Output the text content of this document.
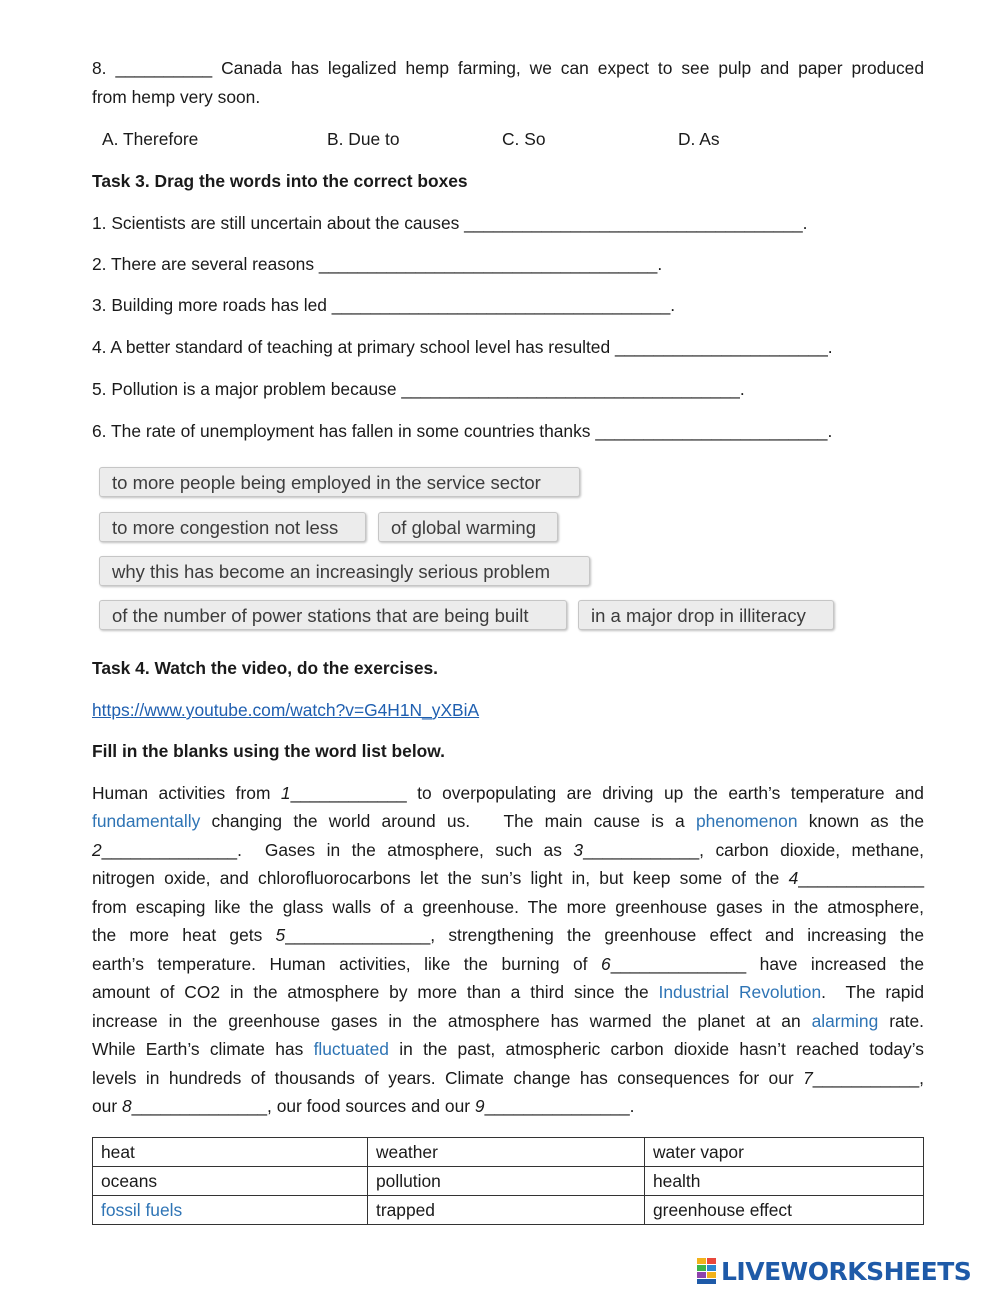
8. __________ Canada has legalized hemp farming, we can expect to see pulp and paper produced
from hemp very soon.
A. Therefore	B. Due to	C. So	D. As
Task 3. Drag the words into the correct boxes
1. Scientists are still uncertain about the causes ___________________________________.
2. There are several reasons ___________________________________.
3. Building more roads has led ___________________________________.
4. A better standard of teaching at primary school level has resulted ______________________.
5. Pollution is a major problem because ___________________________________.
6. The rate of unemployment has fallen in some countries thanks ________________________.
to more people being employed in the service sector
to more congestion not less	of global warming
why this has become an increasingly serious problem
of the number of power stations that are being built	in a major drop in illiteracy
Task 4. Watch the video, do the exercises.
https://www.youtube.com/watch?v=G4H1N_yXBiA
Fill in the blanks using the word list below.
Human activities from 1____________ to overpopulating are driving up the earth’s temperature and
fundamentally changing the world around us.   The main cause is a phenomenon known as the
2______________.  Gases in the atmosphere, such as 3____________, carbon dioxide, methane,
nitrogen oxide, and chlorofluorocarbons let the sun’s light in, but keep some of the 4_____________
from escaping like the glass walls of a greenhouse. The more greenhouse gases in the atmosphere,
the more heat gets 5_______________, strengthening the greenhouse effect and increasing the
earth’s temperature. Human activities, like the burning of 6______________ have increased the
amount of CO2 in the atmosphere by more than a third since the Industrial Revolution.  The rapid
increase in the greenhouse gases in the atmosphere has warmed the planet at an alarming rate.
While Earth’s climate has fluctuated in the past, atmospheric carbon dioxide hasn’t reached today’s
levels in hundreds of thousands of years. Climate change has consequences for our 7___________,
our 8______________, our food sources and our 9_______________.
heat	weather	water vapor
oceans	pollution	health
fossil fuels	trapped	greenhouse effect
LIVEWORKSHEETS
